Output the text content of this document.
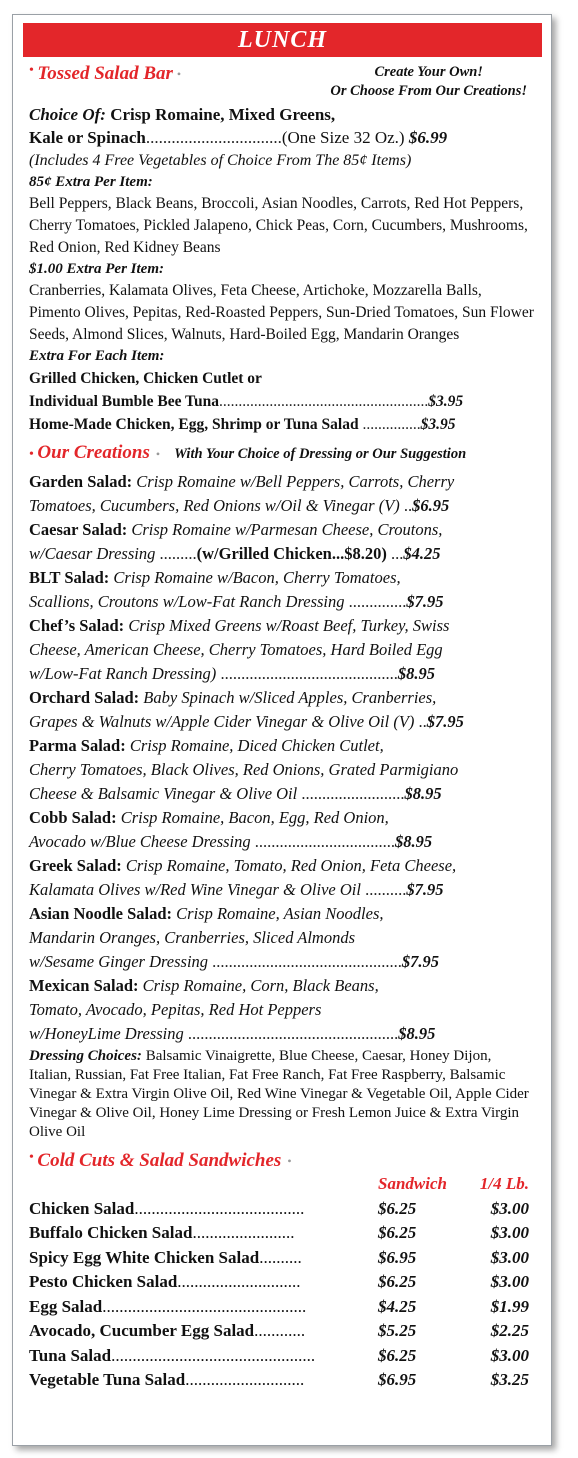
LUNCH
• Tossed Salad Bar •	Create Your Own!
Or Choose From Our Creations!
Choice Of: Crisp Romaine, Mixed Greens,
Kale or Spinach................................(One Size 32 Oz.) $6.99
(Includes 4 Free Vegetables of Choice From The 85¢ Items)
85¢ Extra Per Item:
Bell Peppers, Black Beans, Broccoli, Asian Noodles, Carrots, Red Hot Peppers, Cherry Tomatoes, Pickled Jalapeno, Chick Peas, Corn, Cucumbers, Mushrooms, Red Onion, Red Kidney Beans
$1.00 Extra Per Item:
Cranberries, Kalamata Olives, Feta Cheese, Artichoke, Mozzarella Balls, Pimento Olives, Pepitas, Red-Roasted Peppers, Sun-Dried Tomatoes, Sun Flower Seeds, Almond Slices, Walnuts, Hard-Boiled Egg, Mandarin Oranges
Extra For Each Item:
Grilled Chicken, Chicken Cutlet or
Individual Bumble Bee Tuna......................................................$3.95
Home-Made Chicken, Egg, Shrimp or Tuna Salad ...............$3.95
• Our Creations • With Your Choice of Dressing or Our Suggestion
Garden Salad: Crisp Romaine w/Bell Peppers, Carrots, Cherry
Tomatoes, Cucumbers, Red Onions w/Oil & Vinegar (V) ..$6.95
Caesar Salad: Crisp Romaine w/Parmesan Cheese, Croutons,
w/Caesar Dressing .........(w/Grilled Chicken...$8.20) ...$4.25
BLT Salad: Crisp Romaine w/Bacon, Cherry Tomatoes,
Scallions, Croutons w/Low-Fat Ranch Dressing ..............$7.95
Chef’s Salad: Crisp Mixed Greens w/Roast Beef, Turkey, Swiss
Cheese, American Cheese, Cherry Tomatoes, Hard Boiled Egg
w/Low-Fat Ranch Dressing) ...........................................$8.95
Orchard Salad: Baby Spinach w/Sliced Apples, Cranberries,
Grapes & Walnuts w/Apple Cider Vinegar & Olive Oil (V) ..$7.95
Parma Salad: Crisp Romaine, Diced Chicken Cutlet,
Cherry Tomatoes, Black Olives, Red Onions, Grated Parmigiano
Cheese & Balsamic Vinegar & Olive Oil .........................$8.95
Cobb Salad: Crisp Romaine, Bacon, Egg, Red Onion,
Avocado w/Blue Cheese Dressing ..................................$8.95
Greek Salad: Crisp Romaine, Tomato, Red Onion, Feta Cheese,
Kalamata Olives w/Red Wine Vinegar & Olive Oil ..........$7.95
Asian Noodle Salad: Crisp Romaine, Asian Noodles,
Mandarin Oranges, Cranberries, Sliced Almonds
w/Sesame Ginger Dressing ..............................................$7.95
Mexican Salad: Crisp Romaine, Corn, Black Beans,
Tomato, Avocado, Pepitas, Red Hot Peppers
w/HoneyLime Dressing ...................................................$8.95
Dressing Choices: Balsamic Vinaigrette, Blue Cheese, Caesar, Honey Dijon, Italian, Russian, Fat Free Italian, Fat Free Ranch, Fat Free Raspberry, Balsamic Vinegar & Extra Virgin Olive Oil, Red Wine Vinegar & Vegetable Oil, Apple Cider Vinegar & Olive Oil, Honey Lime Dressing or Fresh Lemon Juice & Extra Virgin Olive Oil
• Cold Cuts & Salad Sandwiches •
	Sandwich	1/4 Lb.
Chicken Salad........................................	$6.25	$3.00
Buffalo Chicken Salad........................	$6.25	$3.00
Spicy Egg White Chicken Salad..........	$6.95	$3.00
Pesto Chicken Salad.............................	$6.25	$3.00
Egg Salad................................................	$4.25	$1.99
Avocado, Cucumber Egg Salad............	$5.25	$2.25
Tuna Salad................................................	$6.25	$3.00
Vegetable Tuna Salad............................	$6.95	$3.25
